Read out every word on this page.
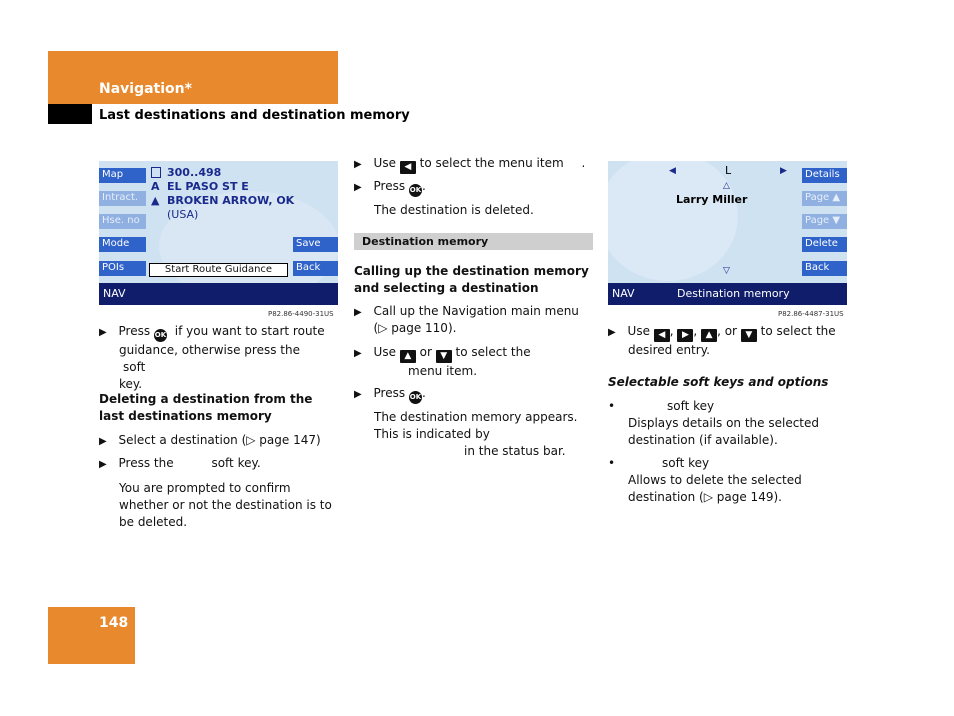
Navigation*
Last destinations and destination memory
Map
Intract.
Hse. no
Mode
POIs
Save
Back
300..498
A EL PASO ST E
▲ BROKEN ARROW, OK
(USA)
Start Route Guidance
NAV
P82.86-4490-31US
▶ Press OK if you want to start route
guidance, otherwise press the soft
key.
Deleting a destination from the last destinations memory
▶ Select a destination (▷ page 147)
▶ Press the	soft key.
You are prompted to confirm whether or not the destination is to be deleted.
▶ Use ◀ to select the menu item .
▶ Press OK.
The destination is deleted.
Destination memory
Calling up the destination memory and selecting a destination
▶ Call up the Navigation main menu (▷ page 110).
▶ Use ▲ or ▼ to select the
menu item.
▶ Press OK.
The destination memory appears. This is indicated by in the status bar.
◀	L	▶
△
Larry Miller
▽
Details
Page ▲
Page ▼
Delete
Back
NAV	Destination memory
P82.86-4487-31US
▶ Use ◀ , ▶ , ▲ , or ▼ to select the
desired entry.
Selectable soft keys and options
•	soft key

Displays details on the selected destination (if available).
•	soft key

Allows to delete the selected destination (▷ page 149).
148
